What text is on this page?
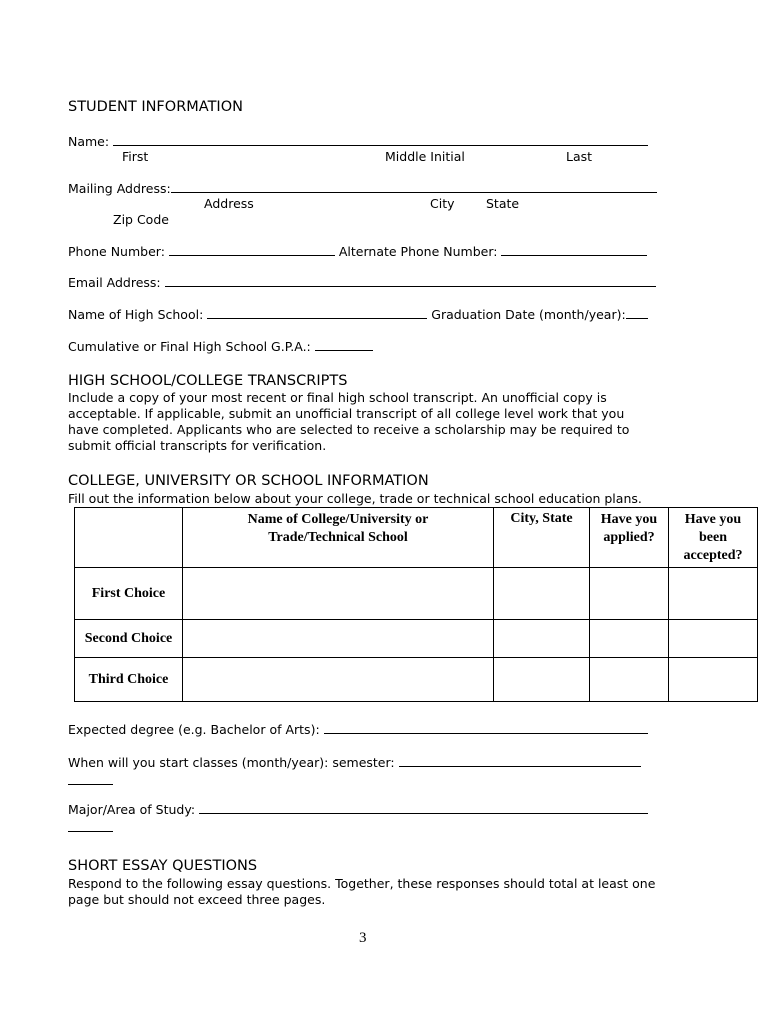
STUDENT INFORMATION
Name:
First	Middle Initial	Last
Mailing Address:
Address	City	State
Zip Code
Phone Number:	Alternate Phone Number:
Email Address:
Name of High School:	Graduation Date (month/year):
Cumulative or Final High School G.P.A.:
HIGH SCHOOL/COLLEGE TRANSCRIPTS
Include a copy of your most recent or final high school transcript. An unofficial copy is acceptable. If applicable, submit an unofficial transcript of all college level work that you have completed. Applicants who are selected to receive a scholarship may be required to submit official transcripts for verification.
COLLEGE, UNIVERSITY OR SCHOOL INFORMATION
Fill out the information below about your college, trade or technical school education plans.

	Name of College/University or Trade/Technical School	City, State	Have you applied?	Have you been accepted?

First Choice				
Second Choice				
Third Choice				
Expected degree (e.g. Bachelor of Arts):
When will you start classes (month/year): semester:
Major/Area of Study:
SHORT ESSAY QUESTIONS
Respond to the following essay questions. Together, these responses should total at least one page but should not exceed three pages.
3
